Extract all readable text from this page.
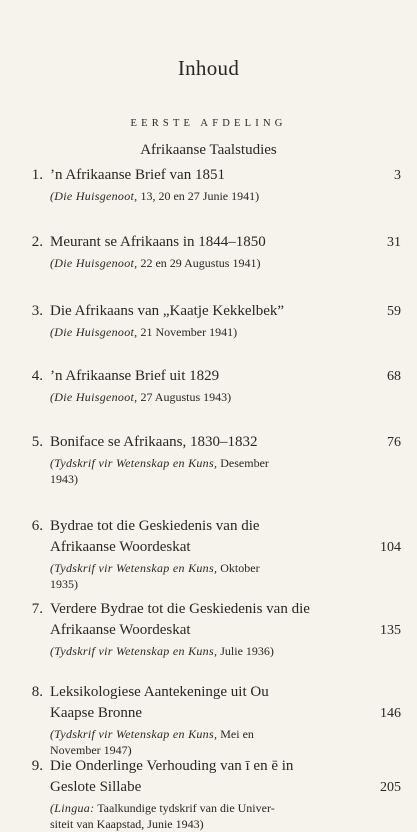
Inhoud
EERSTE AFDELING
Afrikaanse Taalstudies
1. ’n Afrikaanse Brief van 1851	3
(Die Huisgenoot, 13, 20 en 27 Junie 1941)
2. Meurant se Afrikaans in 1844–1850	31
(Die Huisgenoot, 22 en 29 Augustus 1941)
3. Die Afrikaans van „Kaatje Kekkelbek”	59
(Die Huisgenoot, 21 November 1941)
4. ’n Afrikaanse Brief uit 1829	68
(Die Huisgenoot, 27 Augustus 1943)
5. Boniface se Afrikaans, 1830–1832	76
(Tydskrif vir Wetenskap en Kuns, Desember
1943)
6. Bydrae tot die Geskiedenis van die
Afrikaanse Woordeskat	104
(Tydskrif vir Wetenskap en Kuns, Oktober
1935)
7. Verdere Bydrae tot die Geskiedenis van die
Afrikaanse Woordeskat	135
(Tydskrif vir Wetenskap en Kuns, Julie 1936)
8. Leksikologiese Aantekeninge uit Ou
Kaapse Bronne	146
(Tydskrif vir Wetenskap en Kuns, Mei en
November 1947)
9. Die Onderlinge Verhouding van ī en ē in
Geslote Sillabe	205
(Lingua: Taalkundige tydskrif van die Univer-
siteit van Kaapstad, Junie 1943)
